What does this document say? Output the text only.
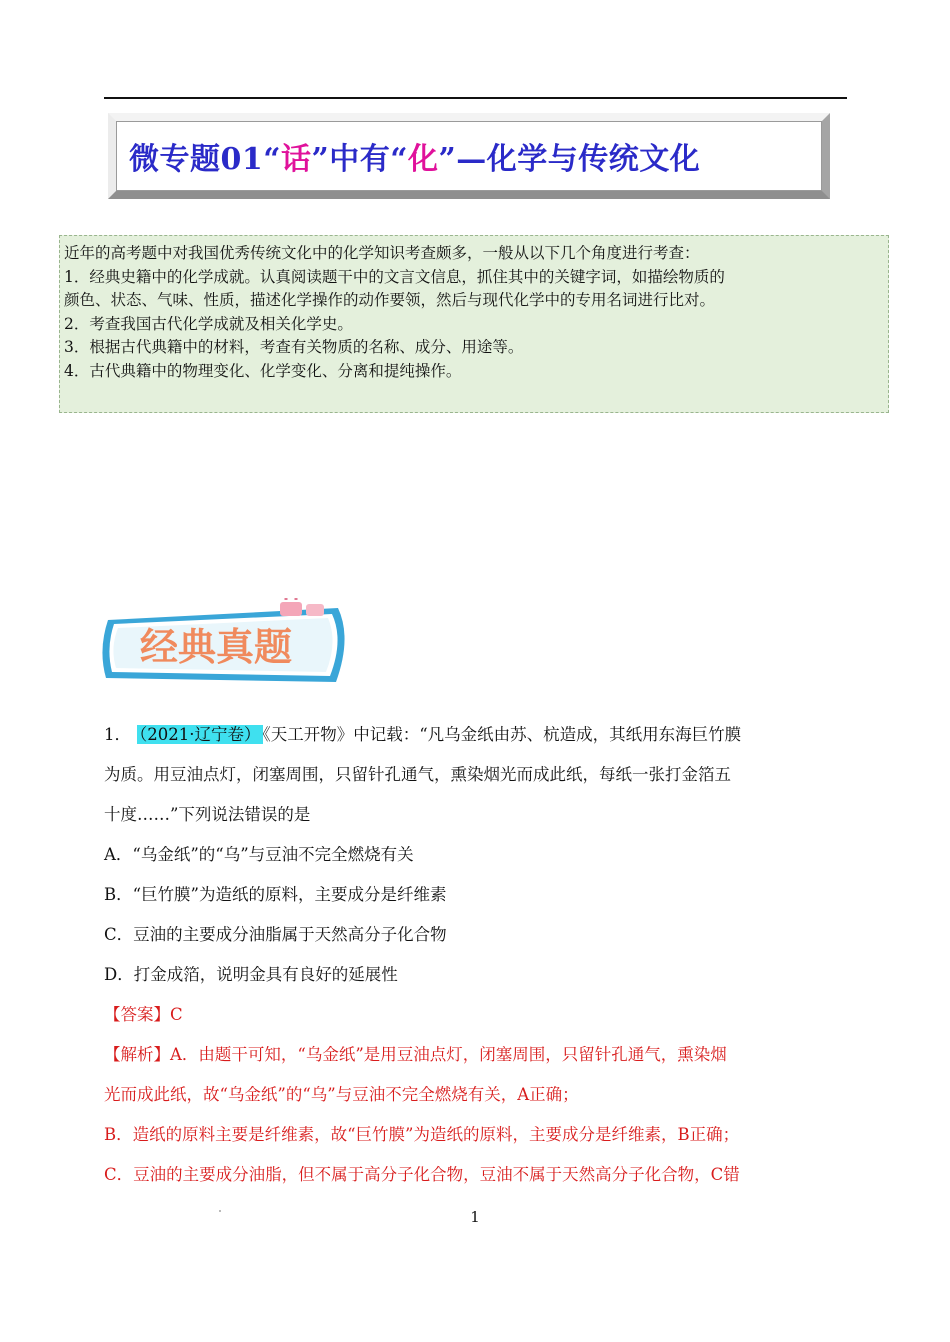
微专题01“ 话 ”中有“ 化 ”—化学与传统文化

近年的高考题中对我国优秀传统文化中的化学知识考查颇多，一般从以下几个角度进行考查：

1．经典史籍中的化学成就。认真阅读题干中的文言文信息，抓住其中的关键字词，如描绘物质的

颜色、状态、气味、性质，描述化学操作的动作要领，然后与现代化学中的专用名词进行比对。

2．考查我国古代化学成就及相关化学史。

3．根据古代典籍中的材料，考查有关物质的名称、成分、用途等。

4．古代典籍中的物理变化、化学变化、分离和提纯操作。

经典真题

1． （2021·辽宁卷） 《天工开物》中记载：“凡乌金纸由苏、杭造成，其纸用东海巨竹膜

为质。用豆油点灯，闭塞周围，只留针孔通气，熏染烟光而成此纸，每纸一张打金箔五

十度……”下列说法错误的是

A．“乌金纸”的“乌”与豆油不完全燃烧有关

B．“巨竹膜”为造纸的原料，主要成分是纤维素

C．豆油的主要成分油脂属于天然高分子化合物

D．打金成箔，说明金具有良好的延展性

【答案】C

【解析】A．由题干可知，“乌金纸”是用豆油点灯，闭塞周围，只留针孔通气，熏染烟

光而成此纸，故“乌金纸”的“乌”与豆油不完全燃烧有关，A正确；

B．造纸的原料主要是纤维素，故“巨竹膜”为造纸的原料，主要成分是纤维素，B正确；

C．豆油的主要成分油脂，但不属于高分子化合物，豆油不属于天然高分子化合物，C错

1
